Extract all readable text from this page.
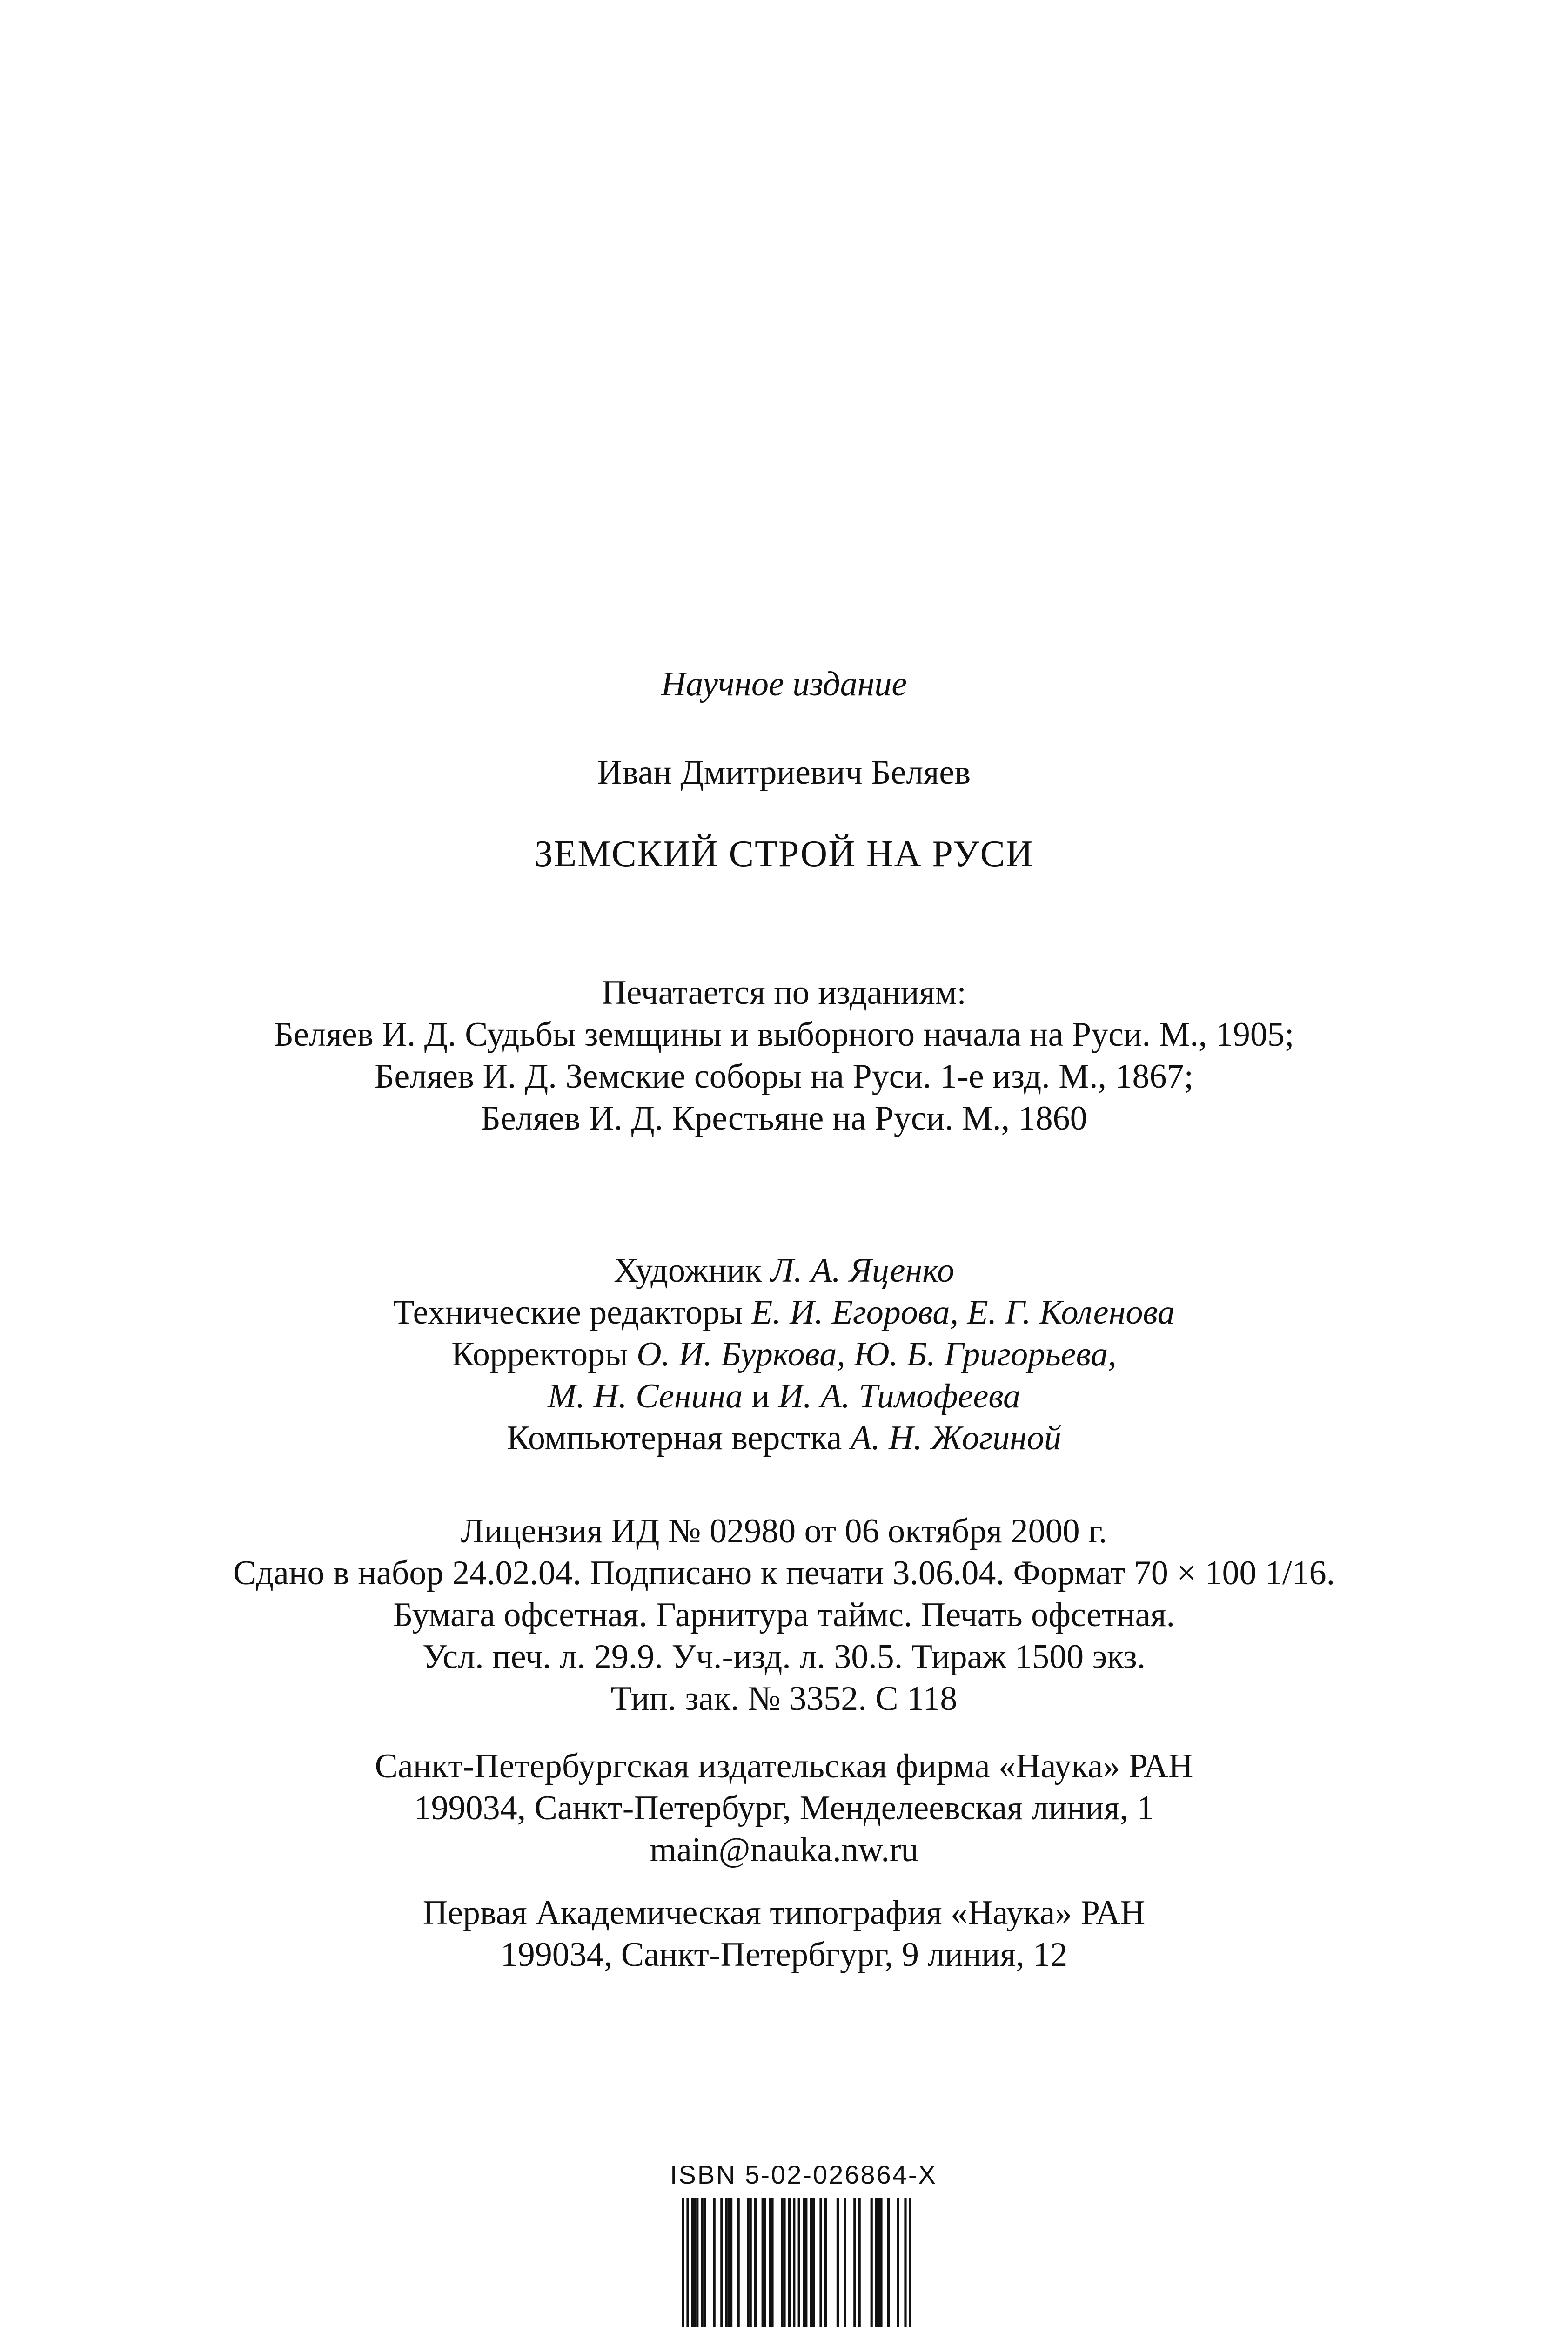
Научное издание
Иван Дмитриевич Беляев
ЗЕМСКИЙ СТРОЙ НА РУСИ
Печатается по изданиям:
Беляев И. Д. Судьбы земщины и выборного начала на Руси. М., 1905;
Беляев И. Д. Земские соборы на Руси. 1-е изд. М., 1867;
Беляев И. Д. Крестьяне на Руси. М., 1860
Художник Л. А. Яценко
Технические редакторы Е. И. Егорова, Е. Г. Коленова
Корректоры О. И. Буркова, Ю. Б. Григорьева,
М. Н. Сенина и И. А. Тимофеева
Компьютерная верстка А. Н. Жогиной
Лицензия ИД № 02980 от 06 октября 2000 г.
Сдано в набор 24.02.04. Подписано к печати 3.06.04. Формат 70 × 100 1/16.
Бумага офсетная. Гарнитура таймс. Печать офсетная.
Усл. печ. л. 29.9. Уч.-изд. л. 30.5. Тираж 1500 экз.
Тип. зак. № 3352. С 118
Санкт-Петербургская издательская фирма «Наука» РАН
199034, Санкт-Петербург, Менделеевская линия, 1
main@nauka.nw.ru
Первая Академическая типография «Наука» РАН
199034, Санкт-Петербгург, 9 линия, 12
ISBN 5-02-026864-X
